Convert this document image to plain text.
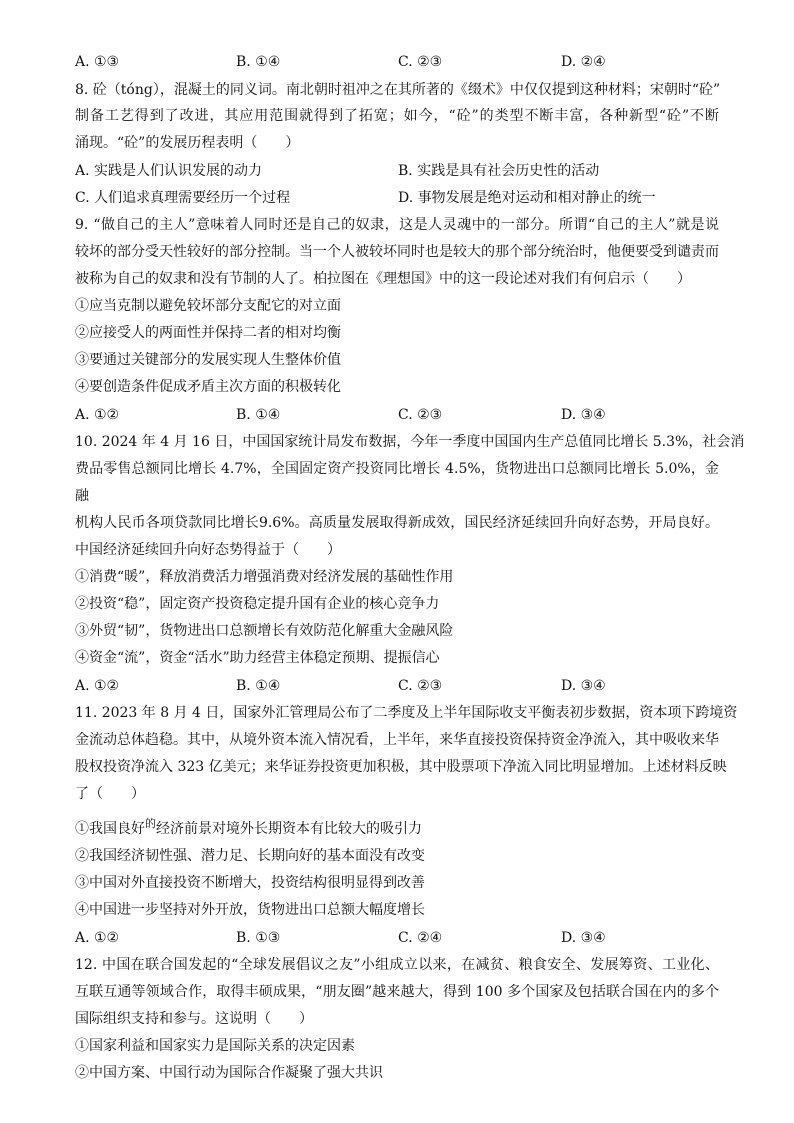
A. ①③	B. ①④	C. ②③	D. ②④
8. 砼（tóng），混凝土的同义词。南北朝时祖冲之在其所著的《缀术》中仅仅提到这种材料；宋朝时“砼”
制备工艺得到了改进，其应用范围就得到了拓宽；如今，“砼”的类型不断丰富，各种新型“砼”不断
涌现。“砼”的发展历程表明（　　）
A. 实践是人们认识发展的动力	B. 实践是具有社会历史性的活动
C. 人们追求真理需要经历一个过程	D. 事物发展是绝对运动和相对静止的统一
9. “做自己的主人”意味着人同时还是自己的奴隶，这是人灵魂中的一部分。所谓“自己的主人”就是说
较坏的部分受天性较好的部分控制。当一个人被较坏同时也是较大的那个部分统治时，他便要受到谴责而
被称为自己的奴隶和没有节制的人了。柏拉图在《理想国》中的这一段论述对我们有何启示（　　）
①应当克制以避免较坏部分支配它的对立面
②应接受人的两面性并保持二者的相对均衡
③要通过关键部分的发展实现人生整体价值
④要创造条件促成矛盾主次方面的积极转化
A. ①②	B. ①④	C. ②③	D. ③④
10. 2024 年 4 月 16 日，中国国家统计局发布数据，今年一季度中国国内生产总值同比增长 5.3%，社会消
费品零售总额同比增长 4.7%，全国固定资产投资同比增长 4.5%，货物进出口总额同比增长 5.0%，金
融
机构人民币各项贷款同比增长9.6%。高质量发展取得新成效，国民经济延续回升向好态势，开局良好。
中国经济延续回升向好态势得益于（　　）
①消费“暖”，释放消费活力增强消费对经济发展的基础性作用
②投资“稳”，固定资产投资稳定提升国有企业的核心竞争力
③外贸“韧”，货物进出口总额增长有效防范化解重大金融风险
④资金“流”，资金“活水”助力经营主体稳定预期、提振信心
A. ①②	B. ①④	C. ②③	D. ③④
11. 2023 年 8 月 4 日，国家外汇管理局公布了二季度及上半年国际收支平衡表初步数据，资本项下跨境资
金流动总体趋稳。其中，从境外资本流入情况看，上半年，来华直接投资保持资金净流入，其中吸收来华
股权投资净流入 323 亿美元；来华证券投资更加积极，其中股票项下净流入同比明显增加。上述材料反映
了（　　）
①我国良好$^的$经济前景对境外长期资本有比较大的吸引力
②我国经济韧性强、潜力足、长期向好的基本面没有改变
③中国对外直接投资不断增大，投资结构很明显得到改善
④中国进一步坚持对外开放，货物进出口总额大幅度增长
A. ①②	B. ①③	C. ②④	D. ③④
12. 中国在联合国发起的“全球发展倡议之友”小组成立以来，在减贫、粮食安全、发展筹资、工业化、
互联互通等领域合作，取得丰硕成果，“朋友圈”越来越大，得到 100 多个国家及包括联合国在内的多个
国际组织支持和参与。这说明（　　）
①国家利益和国家实力是国际关系的决定因素
②中国方案、中国行动为国际合作凝聚了强大共识
